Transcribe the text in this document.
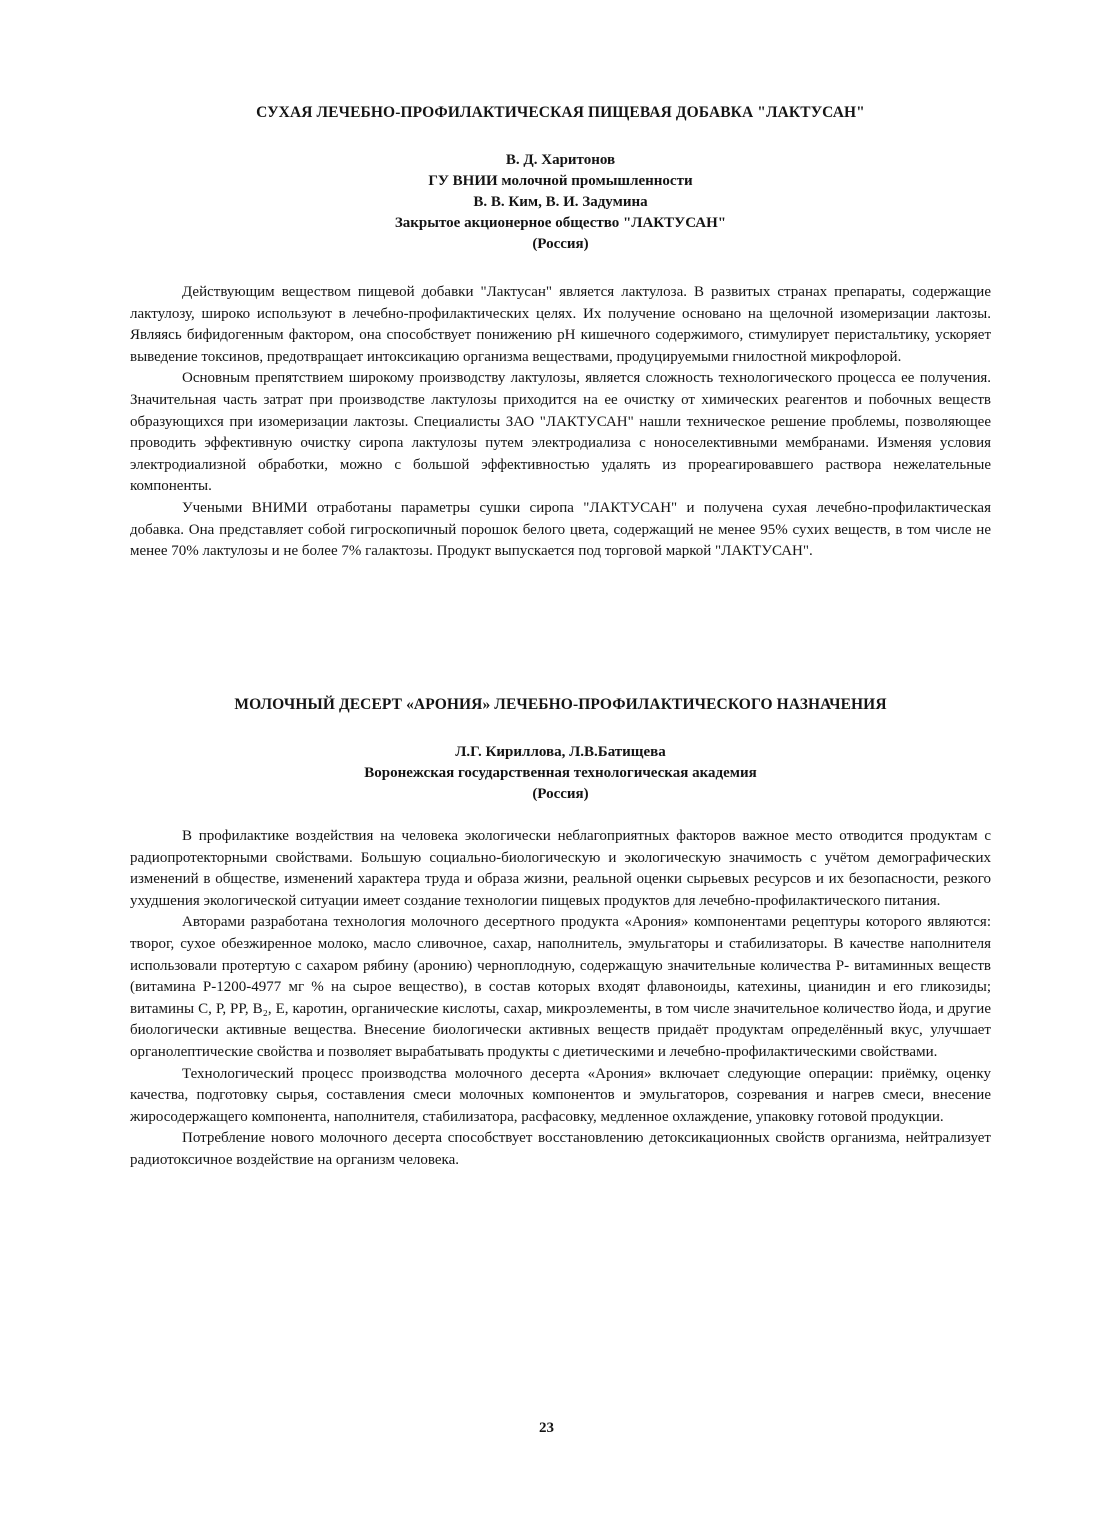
СУХАЯ ЛЕЧЕБНО-ПРОФИЛАКТИЧЕСКАЯ ПИЩЕВАЯ ДОБАВКА "ЛАКТУСАН"
В. Д. Харитонов
ГУ ВНИИ молочной промышленности
В. В. Ким, В. И. Задумина
Закрытое акционерное общество "ЛАКТУСАН"
(Россия)

Действующим веществом пищевой добавки "Лактусан" является лактулоза. В развитых странах препараты, содержащие лактулозу, широко используют в лечебно-профилактических целях. Их получение основано на щелочной изомеризации лактозы. Являясь бифидогенным фактором, она способствует понижению рН кишечного содержимого, стимулирует перистальтику, ускоряет выведение токсинов, предотвращает интоксикацию организма веществами, продуцируемыми гнилостной микрофлорой.

Основным препятствием широкому производству лактулозы, является сложность технологического процесса ее получения. Значительная часть затрат при производстве лактулозы приходится на ее очистку от химических реагентов и побочных веществ образующихся при изомеризации лактозы. Специалисты ЗАО "ЛАКТУСАН" нашли техническое решение проблемы, позволяющее проводить эффективную очистку сиропа лактулозы путем электродиализа с ноноселективными мембранами. Изменяя условия электродиализной обработки, можно с большой эффективностью удалять из прореагировавшего раствора нежелательные компоненты.

Учеными ВНИМИ отработаны параметры сушки сиропа "ЛАКТУСАН" и получена сухая лечебно-профилактическая добавка. Она представляет собой гигроскопичный порошок белого цвета, содержащий не менее 95% сухих веществ, в том числе не менее 70% лактулозы и не более 7% галактозы. Продукт выпускается под торговой маркой "ЛАКТУСАН".

МОЛОЧНЫЙ ДЕСЕРТ «АРОНИЯ» ЛЕЧЕБНО-ПРОФИЛАКТИЧЕСКОГО НАЗНАЧЕНИЯ
Л.Г. Кириллова, Л.В.Батищева
Воронежская государственная технологическая академия
(Россия)

В профилактике воздействия на человека экологически неблагоприятных факторов важное место отводится продуктам с радиопротекторными свойствами. Большую социально-биологическую и экологическую значимость с учётом демографических изменений в обществе, изменений характера труда и образа жизни, реальной оценки сырьевых ресурсов и их безопасности, резкого ухудшения экологической ситуации имеет создание технологии пищевых продуктов для лечебно-профилактического питания.

Авторами разработана технология молочного десертного продукта «Арония» компонентами рецептуры которого являются: творог, сухое обезжиренное молоко, масло сливочное, сахар, наполнитель, эмульгаторы и стабилизаторы. В качестве наполнителя использовали протертую с сахаром рябину (аронию) черноплодную, содержащую значительные количества Р- витаминных веществ (витамина Р-1200-4977 мг % на сырое вещество), в состав которых входят флавоноиды, катехины, цианидин и его гликозиды; витамины С, Р, РР, В₂, Е, каротин, органические кислоты, сахар, микроэлементы, в том числе значительное количество йода, и другие биологически активные вещества. Внесение биологически активных веществ придаёт продуктам определённый вкус, улучшает органолептические свойства и позволяет вырабатывать продукты с диетическими и лечебно-профилактическими свойствами.

Технологический процесс производства молочного десерта «Арония» включает следующие операции: приёмку, оценку качества, подготовку сырья, составления смеси молочных компонентов и эмульгаторов, созревания и нагрев смеси, внесение жиросодержащего компонента, наполнителя, стабилизатора, расфасовку, медленное охлаждение, упаковку готовой продукции.

Потребление нового молочного десерта способствует восстановлению детоксикационных свойств организма, нейтрализует радиотоксичное воздействие на организм человека.

23
